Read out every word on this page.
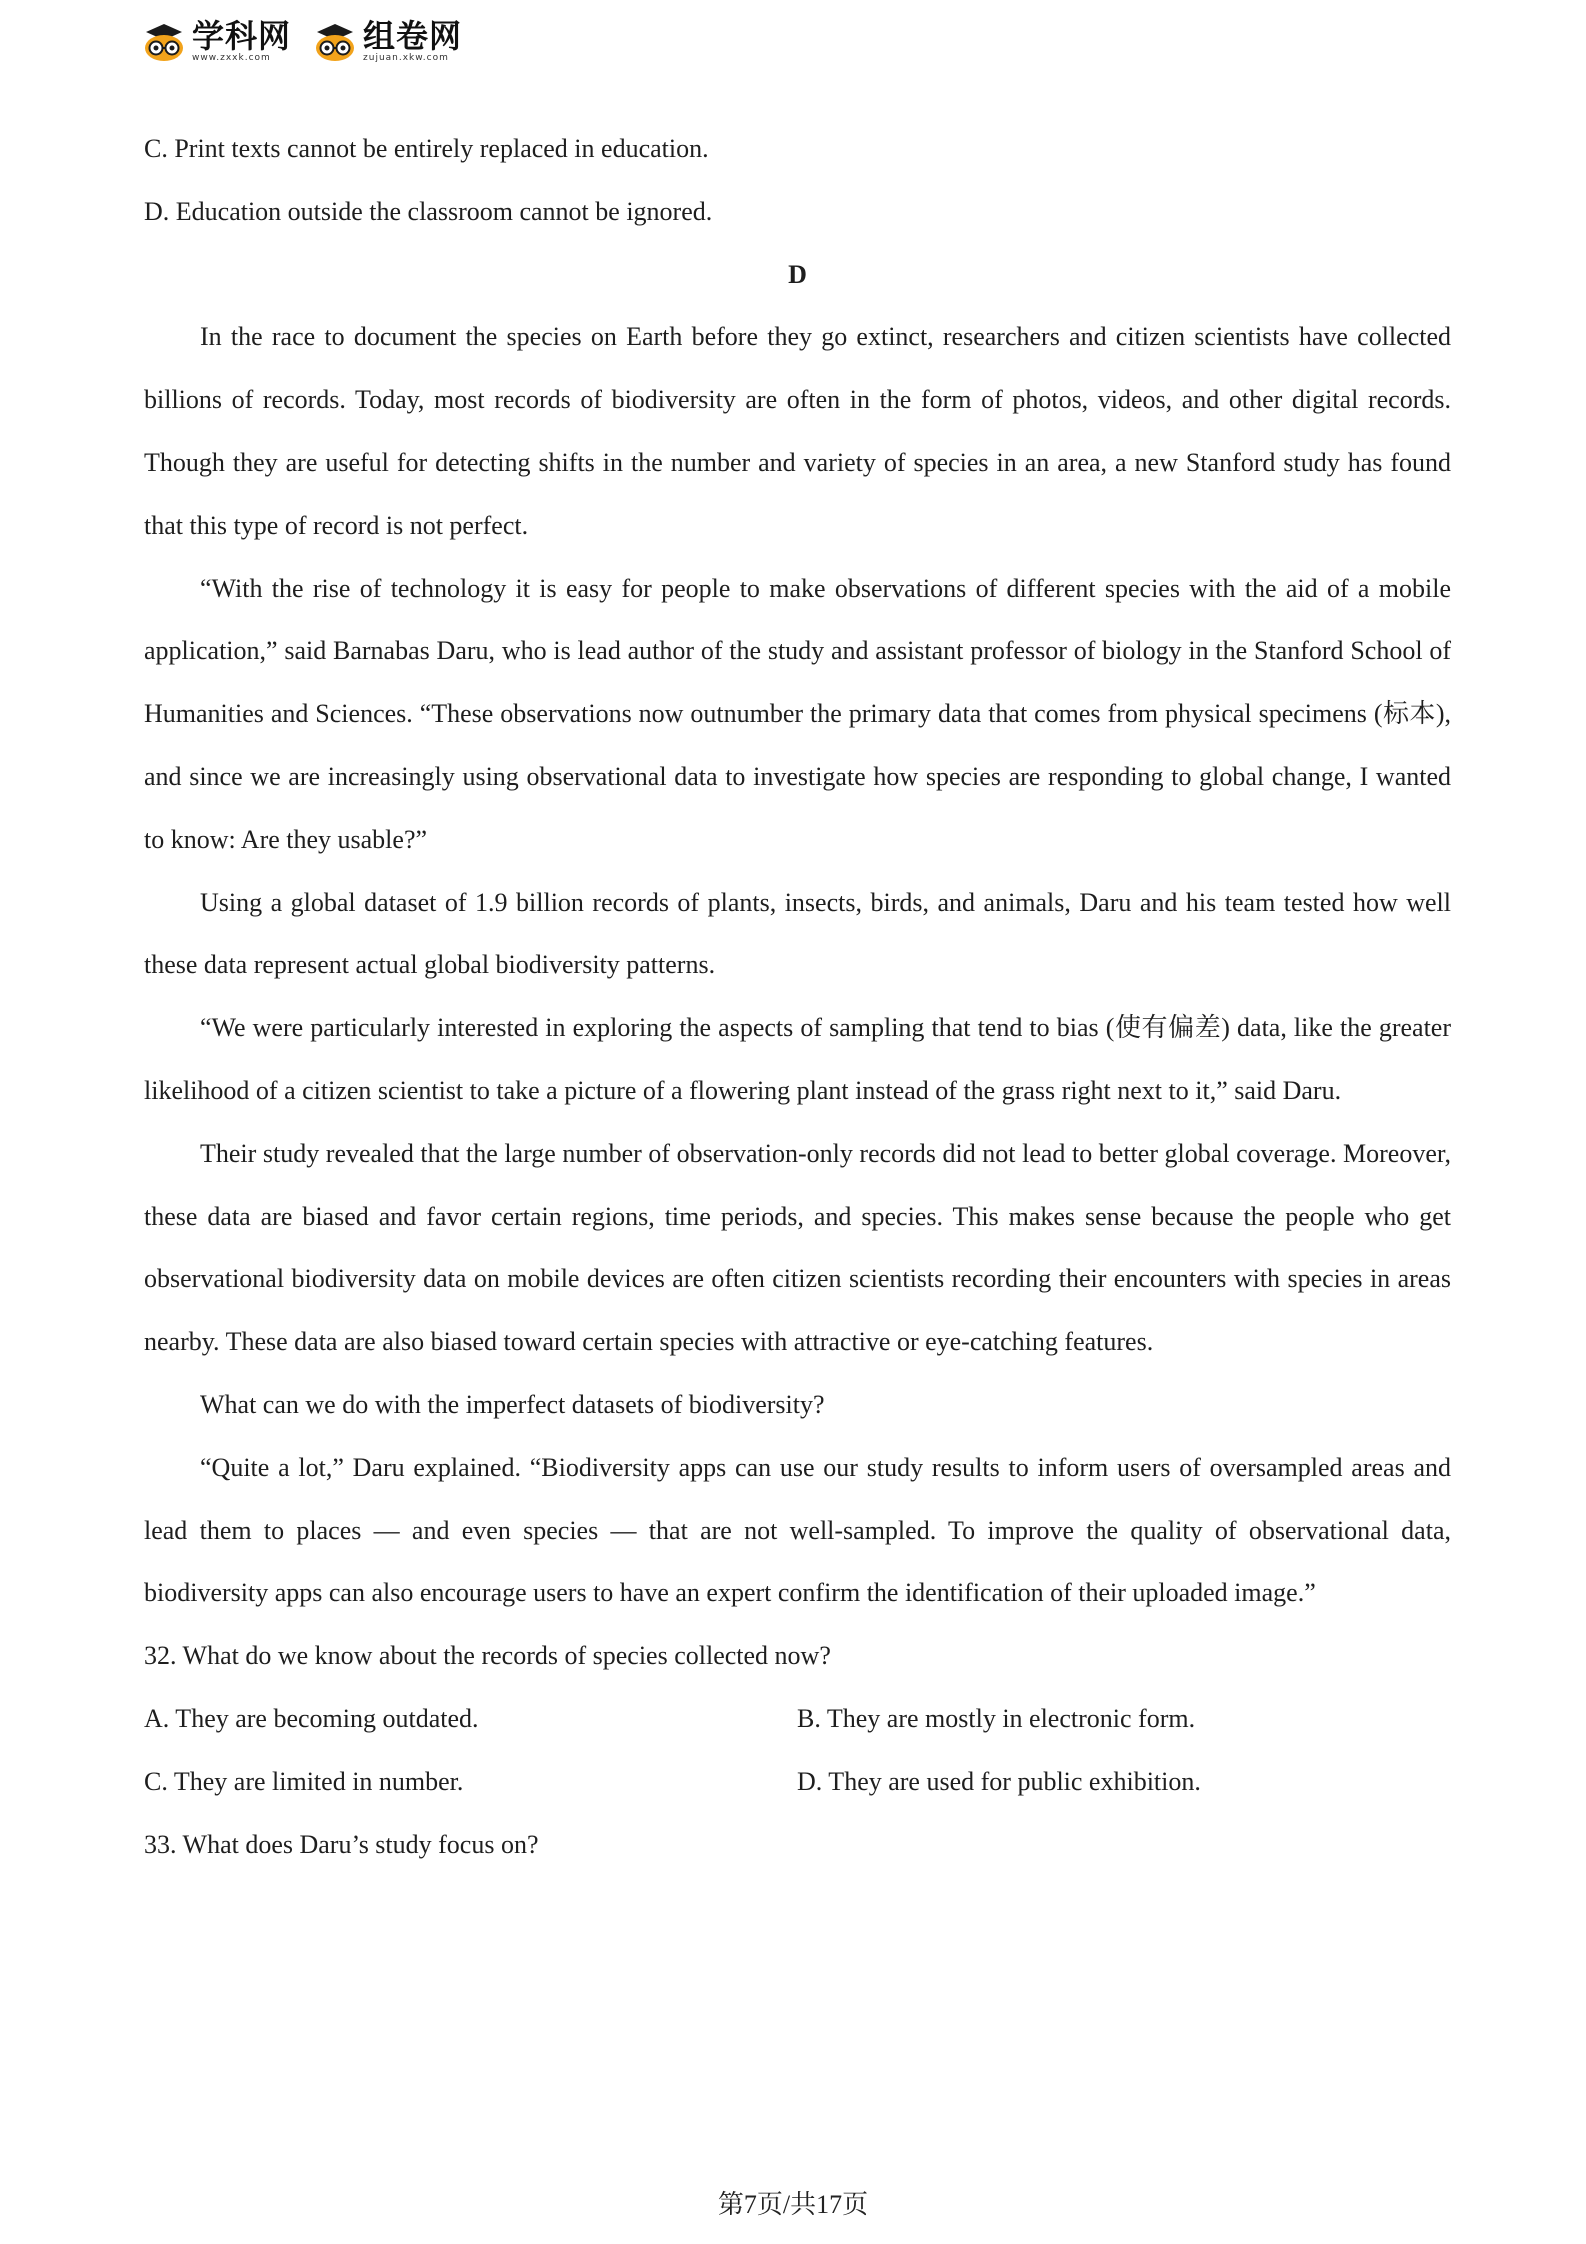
学科网
www.zxxk.com
组卷网
zujuan.xkw.com
C. Print texts cannot be entirely replaced in education.
D. Education outside the classroom cannot be ignored.

D

In the race to document the species on Earth before they go extinct, researchers and citizen scientists have collected billions of records. Today, most records of biodiversity are often in the form of photos, videos, and other digital records. Though they are useful for detecting shifts in the number and variety of species in an area, a new Stanford study has found that this type of record is not perfect.

“With the rise of technology it is easy for people to make observations of different species with the aid of a mobile application,” said Barnabas Daru, who is lead author of the study and assistant professor of biology in the Stanford School of Humanities and Sciences. “These observations now outnumber the primary data that comes from physical specimens (标本), and since we are increasingly using observational data to investigate how species are responding to global change, I wanted to know: Are they usable?”

Using a global dataset of 1.9 billion records of plants, insects, birds, and animals, Daru and his team tested how well these data represent actual global biodiversity patterns.

“We were particularly interested in exploring the aspects of sampling that tend to bias (使有偏差) data, like the greater likelihood of a citizen scientist to take a picture of a flowering plant instead of the grass right next to it,” said Daru.

Their study revealed that the large number of observation-only records did not lead to better global coverage. Moreover, these data are biased and favor certain regions, time periods, and species. This makes sense because the people who get observational biodiversity data on mobile devices are often citizen scientists recording their encounters with species in areas nearby. These data are also biased toward certain species with attractive or eye-catching features.

What can we do with the imperfect datasets of biodiversity?

“Quite a lot,” Daru explained. “Biodiversity apps can use our study results to inform users of oversampled areas and lead them to places — and even species — that are not well-sampled. To improve the quality of observational data, biodiversity apps can also encourage users to have an expert confirm the identification of their uploaded image.”

32. What do we know about the records of species collected now?

A. They are becoming outdated.	B. They are mostly in electronic form.
C. They are limited in number.	D. They are used for public exhibition.

33. What does Daru’s study focus on?

第7页/共17页
